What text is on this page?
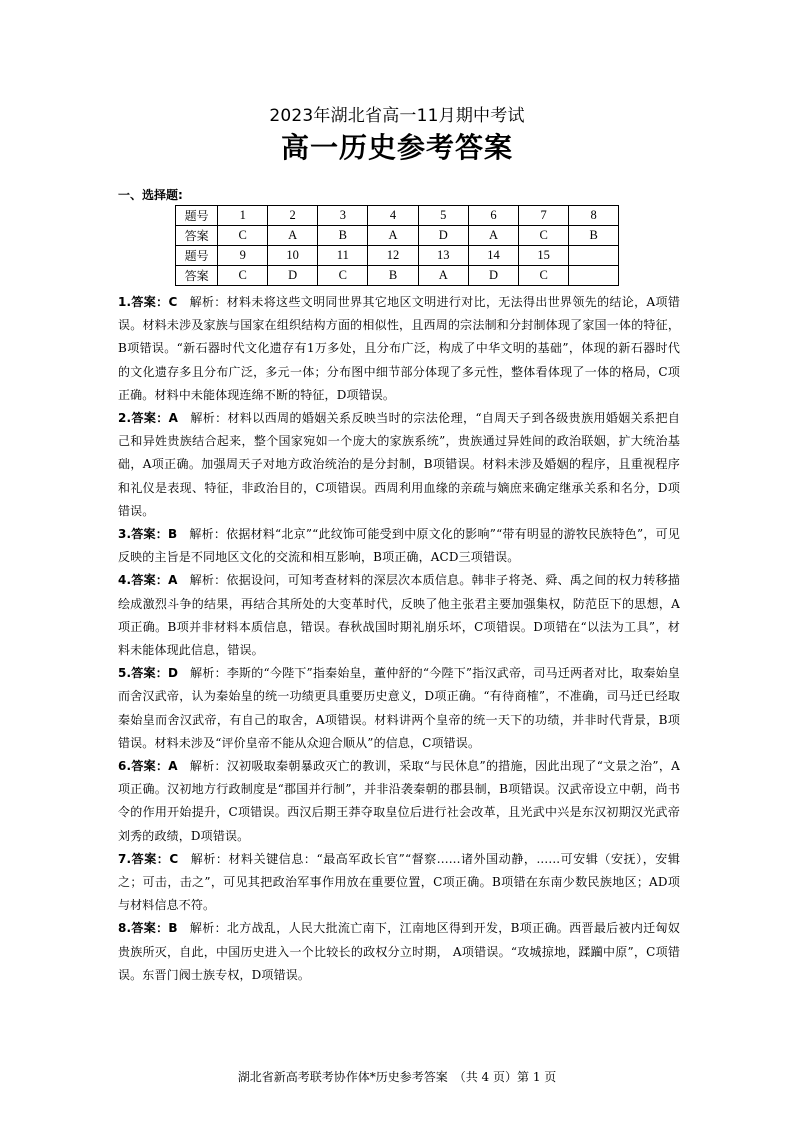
2023年湖北省高一11月期中考试
高一历史参考答案
一、选择题:
题号	1	2	3	4	5	6	7	8
答案	C	A	B	A	D	A	C	B
题号	9	10	11	12	13	14	15	
答案	C	D	C	B	A	D	C	

1.答案：C 解析：材料未将这些文明同世界其它地区文明进行对比，无法得出世界领先的结论，A项错误。材料未涉及家族与国家在组织结构方面的相似性，且西周的宗法制和分封制体现了家国一体的特征，B项错误。“新石器时代文化遗存有1万多处，且分布广泛，构成了中华文明的基础”，体现的新石器时代的文化遗存多且分布广泛，多元一体；分布图中细节部分体现了多元性，整体看体现了一体的格局，C项正确。材料中未能体现连绵不断的特征，D项错误。

2.答案：A 解析：材料以西周的婚姻关系反映当时的宗法伦理，“自周天子到各级贵族用婚姻关系把自己和异姓贵族结合起来，整个国家宛如一个庞大的家族系统”，贵族通过异姓间的政治联姻，扩大统治基础，A项正确。加强周天子对地方政治统治的是分封制，B项错误。材料未涉及婚姻的程序，且重视程序和礼仪是表现、特征，非政治目的，C项错误。西周利用血缘的亲疏与嫡庶来确定继承关系和名分，D项错误。

3.答案：B 解析：依据材料“北京”“此纹饰可能受到中原文化的影响”“带有明显的游牧民族特色”，可见反映的主旨是不同地区文化的交流和相互影响，B项正确，ACD三项错误。

4.答案：A 解析：依据设问，可知考查材料的深层次本质信息。韩非子将尧、舜、禹之间的权力转移描绘成激烈斗争的结果，再结合其所处的大变革时代，反映了他主张君主要加强集权，防范臣下的思想，A项正确。B项并非材料本质信息，错误。春秋战国时期礼崩乐坏，C项错误。D项错在“以法为工具”，材料未能体现此信息，错误。

5.答案：D 解析：李斯的“今陛下”指秦始皇，董仲舒的“今陛下”指汉武帝，司马迁两者对比，取秦始皇而舍汉武帝，认为秦始皇的统一功绩更具重要历史意义，D项正确。“有待商榷”，不准确，司马迁已经取秦始皇而舍汉武帝，有自己的取舍，A项错误。材料讲两个皇帝的统一天下的功绩，并非时代背景，B项错误。材料未涉及“评价皇帝不能从众迎合顺从”的信息，C项错误。

6.答案：A 解析：汉初吸取秦朝暴政灭亡的教训，采取“与民休息”的措施，因此出现了“文景之治”，A项正确。汉初地方行政制度是“郡国并行制”，并非沿袭秦朝的郡县制，B项错误。汉武帝设立中朝，尚书令的作用开始提升，C项错误。西汉后期王莽夺取皇位后进行社会改革，且光武中兴是东汉初期汉光武帝刘秀的政绩，D项错误。

7.答案：C 解析：材料关键信息：“最高军政长官”“督察......诸外国动静，......可安辑（安抚），安辑之；可击，击之”，可见其把政治军事作用放在重要位置，C项正确。B项错在东南少数民族地区；AD项与材料信息不符。

8.答案：B 解析：北方战乱，人民大批流亡南下，江南地区得到开发，B项正确。西晋最后被内迁匈奴贵族所灭，自此，中国历史进入一个比较长的政权分立时期， A项错误。“攻城掠地，蹂躏中原”，C项错误。东晋门阀士族专权，D项错误。

湖北省新高考联考协作体*历史参考答案　（共 4 页）第 1 页
